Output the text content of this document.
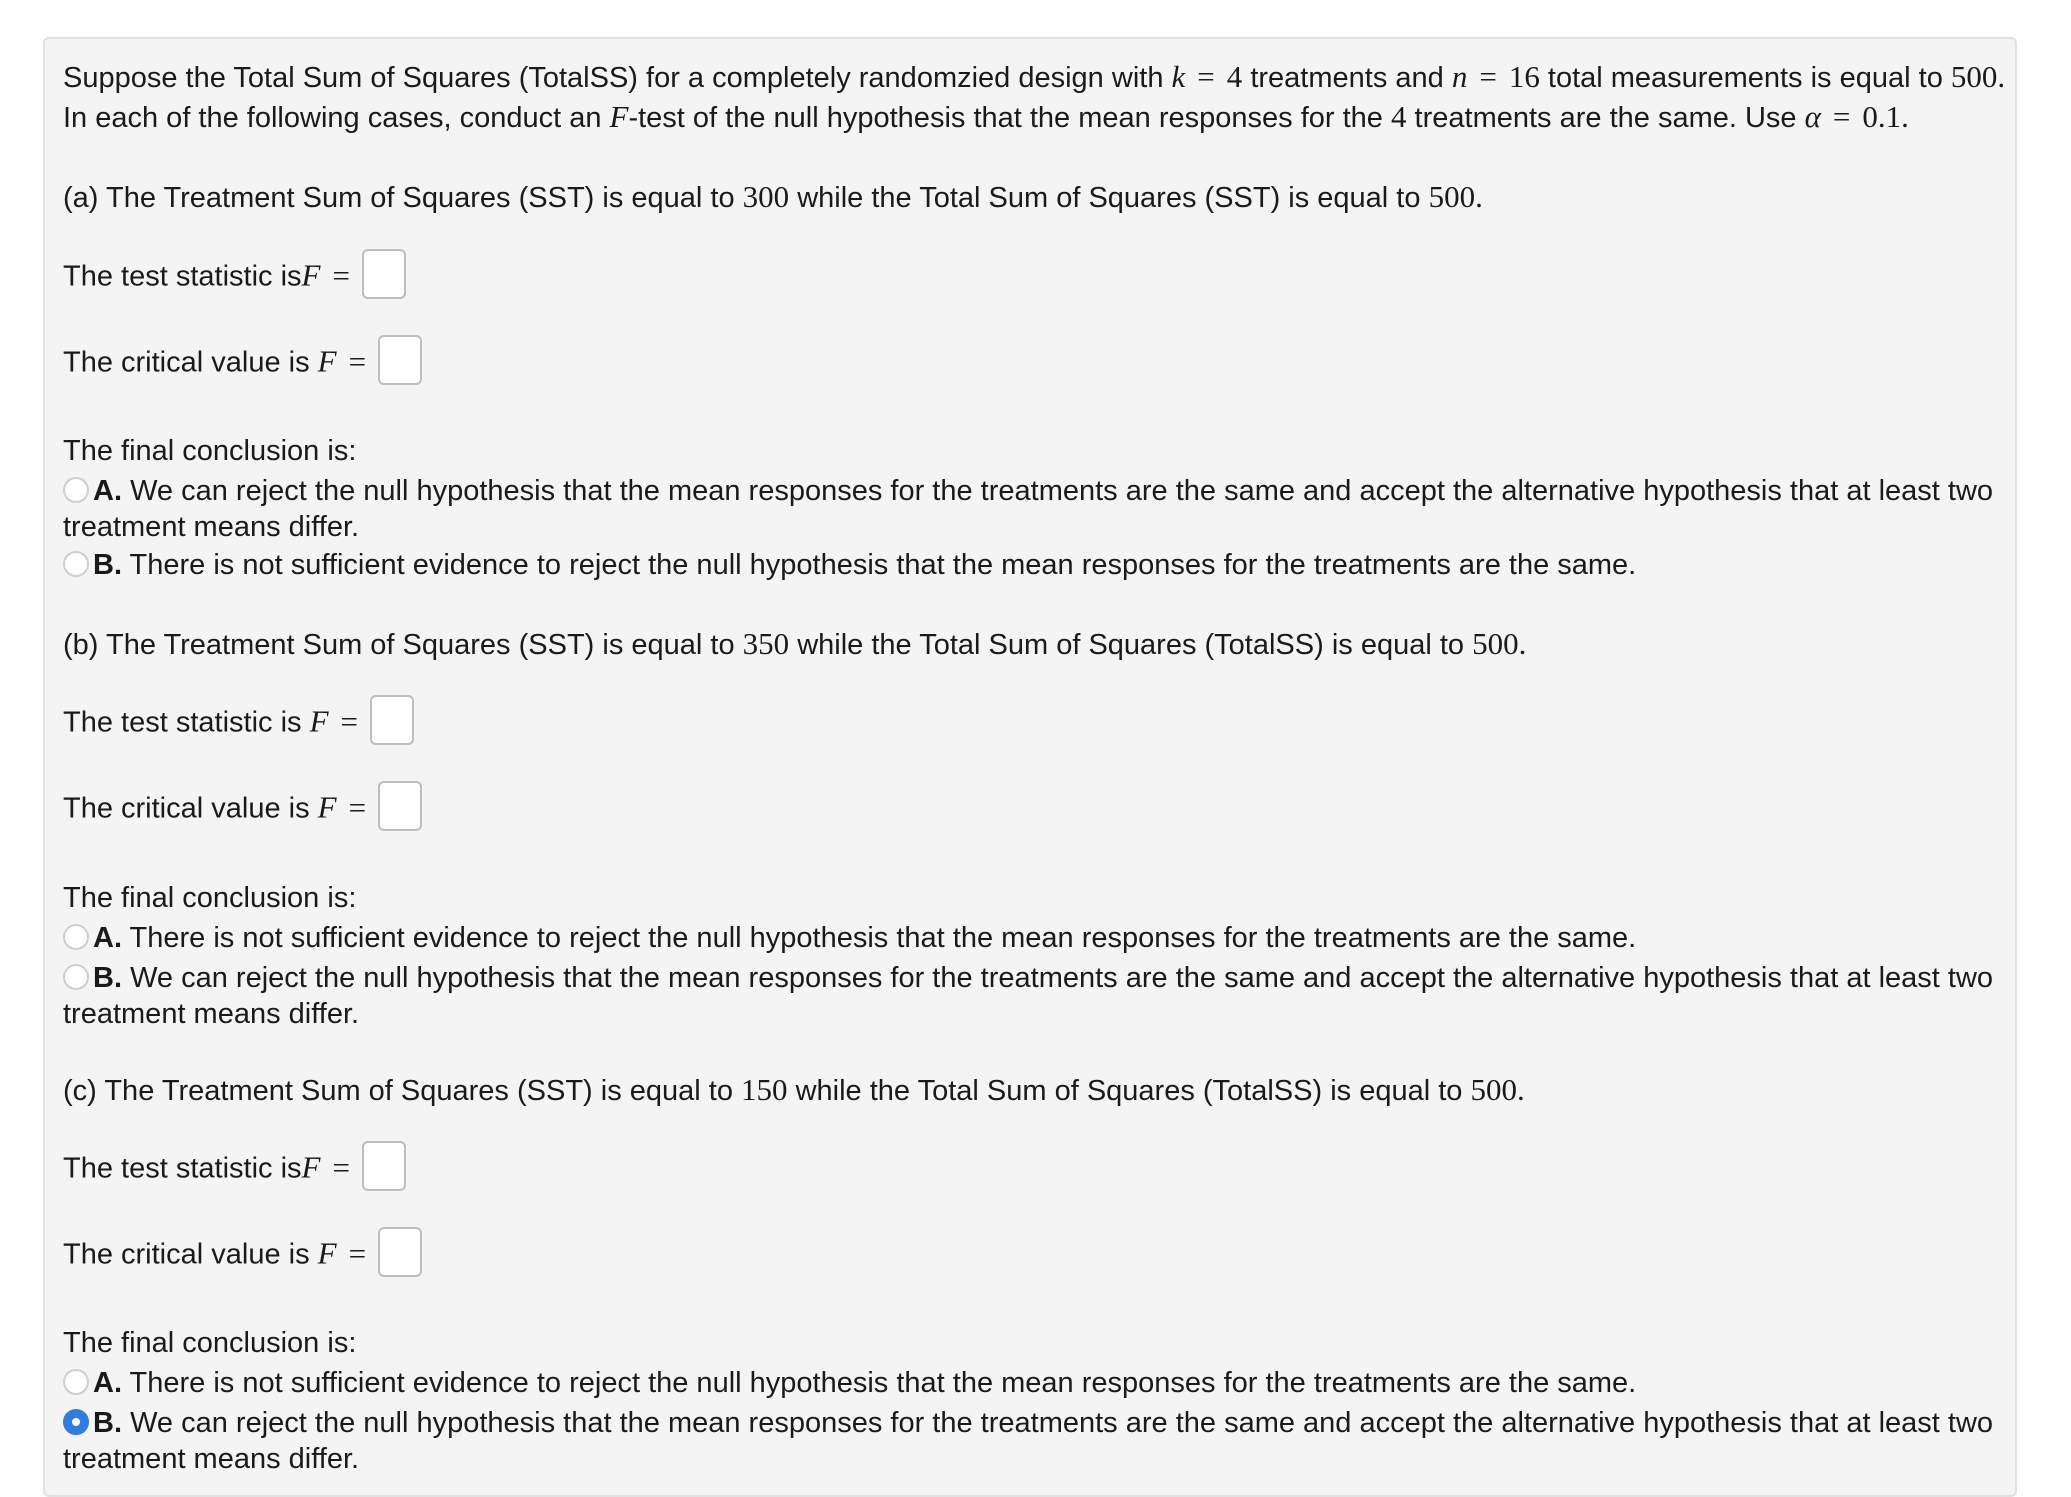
Suppose the Total Sum of Squares (TotalSS) for a completely randomzied design with k = 4 treatments and n = 16 total measurements is equal to 500.
In each of the following cases, conduct an F-test of the null hypothesis that the mean responses for the 4 treatments are the same. Use α = 0.1.
(a) The Treatment Sum of Squares (SST) is equal to 300 while the Total Sum of Squares (SST) is equal to 500.
The test statistic isF =
The critical value is F =
The final conclusion is:
A. We can reject the null hypothesis that the mean responses for the treatments are the same and accept the alternative hypothesis that at least two
treatment means differ.
B. There is not sufficient evidence to reject the null hypothesis that the mean responses for the treatments are the same.
(b) The Treatment Sum of Squares (SST) is equal to 350 while the Total Sum of Squares (TotalSS) is equal to 500.
The test statistic is F =
The critical value is F =
The final conclusion is:
A. There is not sufficient evidence to reject the null hypothesis that the mean responses for the treatments are the same.
B. We can reject the null hypothesis that the mean responses for the treatments are the same and accept the alternative hypothesis that at least two
treatment means differ.
(c) The Treatment Sum of Squares (SST) is equal to 150 while the Total Sum of Squares (TotalSS) is equal to 500.
The test statistic isF =
The critical value is F =
The final conclusion is:
A. There is not sufficient evidence to reject the null hypothesis that the mean responses for the treatments are the same.
B. We can reject the null hypothesis that the mean responses for the treatments are the same and accept the alternative hypothesis that at least two
treatment means differ.
